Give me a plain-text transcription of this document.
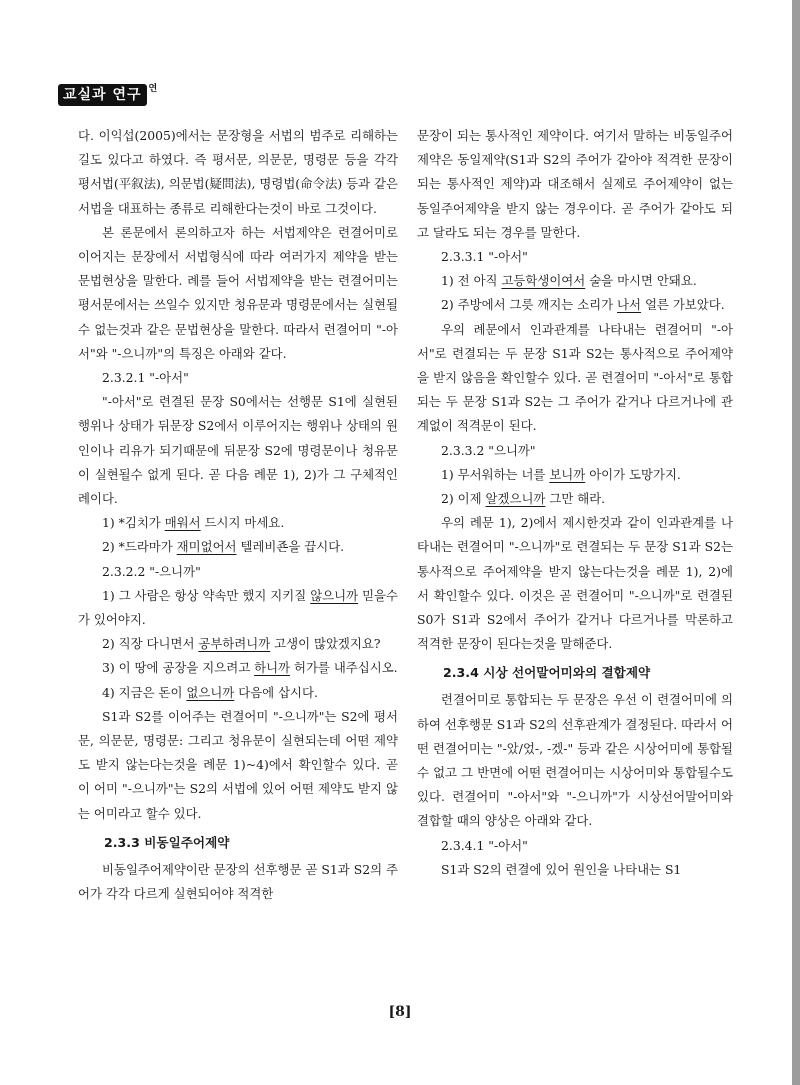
교실과 연구 연

다. 이익섭(2005)에서는 문장형을 서법의 범주로 리해하는 길도 있다고 하였다. 즉 평서문, 의문문, 명령문 등을 각각 평서법(平叙法), 의문법(疑問法), 명령법(命令法) 등과 같은 서법을 대표하는 종류로 리해한다는것이 바로 그것이다.

본 론문에서 론의하고자 하는 서법제약은 련결어미로 이어지는 문장에서 서법형식에 따라 여러가지 제약을 받는 문법현상을 말한다. 례를 들어 서법제약을 받는 련결어미는 평서문에서는 쓰일수 있지만 청유문과 명령문에서는 실현될수 없는것과 같은 문법현상을 말한다. 따라서 련결어미 "-아서"와 "-으니까"의 특징은 아래와 같다.

2.3.2.1 "-아서"

"-아서"로 련결된 문장 S0에서는 선행문 S1에 실현된 행위나 상태가 뒤문장 S2에서 이루어지는 행위나 상태의 원인이나 리유가 되기때문에 뒤문장 S2에 명령문이나 청유문이 실현될수 없게 된다. 곧 다음 례문 1), 2)가 그 구체적인 례이다.

1) *김치가 매워서 드시지 마세요.

2) *드라마가 재미없어서 텔레비죤을 끕시다.

2.3.2.2 "-으니까"

1) 그 사람은 항상 약속만 했지 지키질 않으니까 믿을수가 있어야지.

2) 직장 다니면서 공부하려니까 고생이 많았겠지요?

3) 이 땅에 공장을 지으려고 하니까 허가를 내주십시오.

4) 지금은 돈이 없으니까 다음에 삽시다.

S1과 S2를 이어주는 련결어미 "-으니까"는 S2에 평서문, 의문문, 명령문: 그리고 청유문이 실현되는데 어떤 제약도 받지 않는다는것을 례문 1)~4)에서 확인할수 있다. 곧 이 어미 "-으니까"는 S2의 서법에 있어 어떤 제약도 받지 않는 어미라고 할수 있다.

2.3.3 비동일주어제약

비동일주어제약이란 문장의 선후행문 곧 S1과 S2의 주어가 각각 다르게 실현되어야 적격한

문장이 되는 통사적인 제약이다. 여기서 말하는 비동일주어제약은 동일제약(S1과 S2의 주어가 같아야 적격한 문장이 되는 통사적인 제약)과 대조해서 실제로 주어제약이 없는 동일주어제약을 받지 않는 경우이다. 곧 주어가 같아도 되고 달라도 되는 경우를 말한다.

2.3.3.1 "-아서"

1) 전 아직 고등학생이여서 술을 마시면 안돼요.

2) 주방에서 그릇 깨지는 소리가 나서 얼른 가보았다.

우의 례문에서 인과관계를 나타내는 련결어미 "-아서"로 련결되는 두 문장 S1과 S2는 통사적으로 주어제약을 받지 않음을 확인할수 있다. 곧 련결어미 "-아서"로 통합되는 두 문장 S1과 S2는 그 주어가 같거나 다르거나에 관계없이 적격문이 된다.

2.3.3.2 "으니까"

1) 무서워하는 너를 보니까 아이가 도망가지.

2) 이제 알겠으니까 그만 해라.

우의 례문 1), 2)에서 제시한것과 같이 인과관계를 나타내는 련결어미 "-으니까"로 련결되는 두 문장 S1과 S2는 통사적으로 주어제약을 받지 않는다는것을 례문 1), 2)에서 확인할수 있다. 이것은 곧 련결어미 "-으니까"로 련결된 S0가 S1과 S2에서 주어가 같거나 다르거나를 막론하고 적격한 문장이 된다는것을 말해준다.

2.3.4 시상 선어말어미와의 결합제약

련결어미로 통합되는 두 문장은 우선 이 련결어미에 의하여 선후행문 S1과 S2의 선후관계가 결정된다. 따라서 어떤 련결어미는 "-았/었-, -겠-" 등과 같은 시상어미에 통합될수 없고 그 반면에 어떤 련결어미는 시상어미와 통합될수도 있다. 련결어미 "-아서"와 "-으니까"가 시상선어말어미와 결합할 때의 양상은 아래와 같다.

2.3.4.1 "-아서"

S1과 S2의 련결에 있어 원인을 나타내는 S1

[8]
